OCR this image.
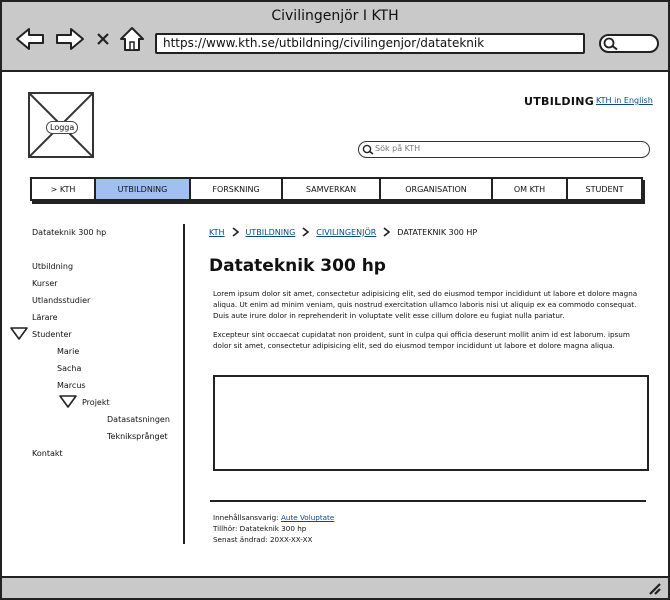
Civilingenjör I KTH
https://www.kth.se/utbildning/civilingenjor/datateknik
Logga
UTBILDING KTH in English
Sök på KTH
> KTH	UTBILDNING	FORSKNING	SAMVERKAN	ORGANISATION	OM KTH	STUDENT
Datateknik 300 hp
Utbildning
Kurser
Utlandsstudier
Lärare
Studenter
Marie
Sacha
Marcus
Projekt
Datasatsningen
Tekniksprånget
Kontakt
KTH	UTBILDNING	CIVILINGENJÖR	DATATEKNIK 300 HP
Datateknik 300 hp
Lorem ipsum dolor sit amet, consectetur adipisicing elit, sed do eiusmod tempor incididunt ut labore et dolore magna aliqua. Ut enim ad minim veniam, quis nostrud exercitation ullamco laboris nisi ut aliquip ex ea commodo consequat. Duis aute irure dolor in reprehenderit in voluptate velit esse cillum dolore eu fugiat nulla pariatur.
Excepteur sint occaecat cupidatat non proident, sunt in culpa qui officia deserunt mollit anim id est laborum. ipsum dolor sit amet, consectetur adipisicing elit, sed do eiusmod tempor incididunt ut labore et dolore magna aliqua.
Innehållsansvarig: Aute Voluptate
Tillhör: Datateknik 300 hp
Senast ändrad: 20XX-XX-XX
